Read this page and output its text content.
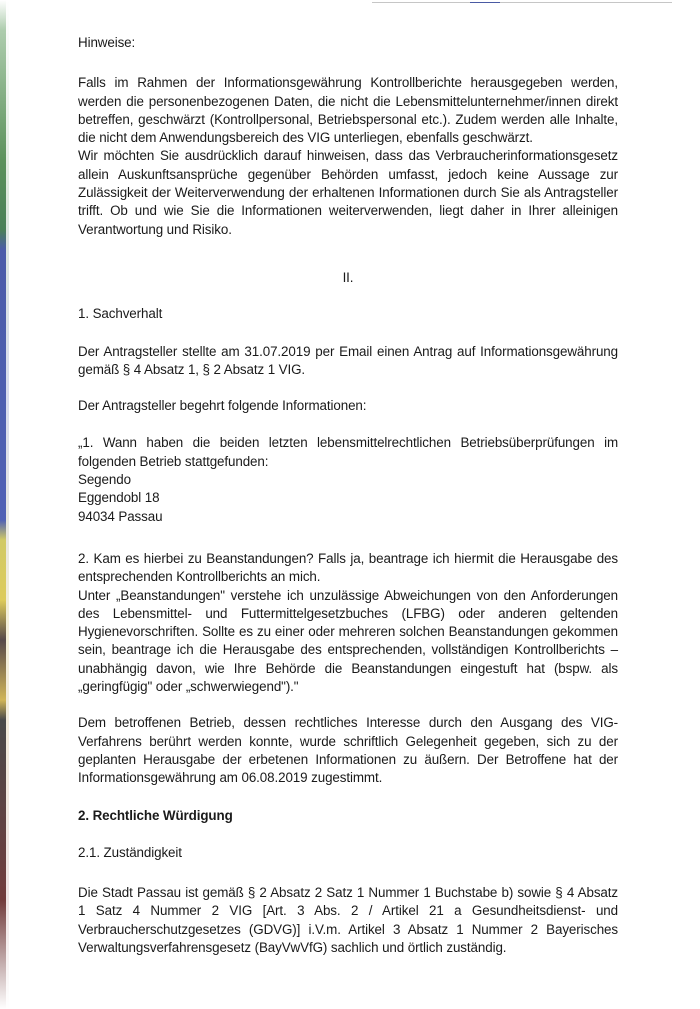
Hinweise:

Falls im Rahmen der Informationsgewährung Kontrollberichte herausgegeben werden, werden die personenbezogenen Daten, die nicht die Lebensmittelunternehmer/innen direkt betreffen, geschwärzt (Kontrollpersonal, Betriebspersonal etc.). Zudem werden alle Inhalte, die nicht dem Anwendungsbereich des VIG unterliegen, ebenfalls geschwärzt.

Wir möchten Sie ausdrücklich darauf hinweisen, dass das Verbraucherinformationsgesetz allein Auskunftsansprüche gegenüber Behörden umfasst, jedoch keine Aussage zur Zulässigkeit der Weiterverwendung der erhaltenen Informationen durch Sie als Antragsteller trifft. Ob und wie Sie die Informationen weiterverwenden, liegt daher in Ihrer alleinigen Verantwortung und Risiko.

II.

1. Sachverhalt

Der Antragsteller stellte am 31.07.2019 per Email einen Antrag auf Informationsgewährung gemäß § 4 Absatz 1, § 2 Absatz 1 VIG.

Der Antragsteller begehrt folgende Informationen:

„1. Wann haben die beiden letzten lebensmittelrechtlichen Betriebsüberprüfungen im folgenden Betrieb stattgefunden:

Segendo

Eggendobl 18

94034 Passau

2. Kam es hierbei zu Beanstandungen? Falls ja, beantrage ich hiermit die Herausgabe des entsprechenden Kontrollberichts an mich.

Unter „Beanstandungen" verstehe ich unzulässige Abweichungen von den Anforderungen des Lebensmittel- und Futtermittelgesetzbuches (LFBG) oder anderen geltenden Hygienevorschriften. Sollte es zu einer oder mehreren solchen Beanstandungen gekommen sein, beantrage ich die Herausgabe des entsprechenden, vollständigen Kontrollberichts – unabhängig davon, wie Ihre Behörde die Beanstandungen eingestuft hat (bspw. als „geringfügig" oder „schwerwiegend")."

Dem betroffenen Betrieb, dessen rechtliches Interesse durch den Ausgang des VIG-Verfahrens berührt werden konnte, wurde schriftlich Gelegenheit gegeben, sich zu der geplanten Herausgabe der erbetenen Informationen zu äußern. Der Betroffene hat der Informationsgewährung am 06.08.2019 zugestimmt.

2. Rechtliche Würdigung

2.1. Zuständigkeit

Die Stadt Passau ist gemäß § 2 Absatz 2 Satz 1 Nummer 1 Buchstabe b) sowie § 4 Absatz 1 Satz 4 Nummer 2 VIG [Art. 3 Abs. 2 / Artikel 21 a Gesundheitsdienst- und Verbraucherschutzgesetzes (GDVG)] i.V.m. Artikel 3 Absatz 1 Nummer 2 Bayerisches Verwaltungsverfahrensgesetz (BayVwVfG) sachlich und örtlich zuständig.
